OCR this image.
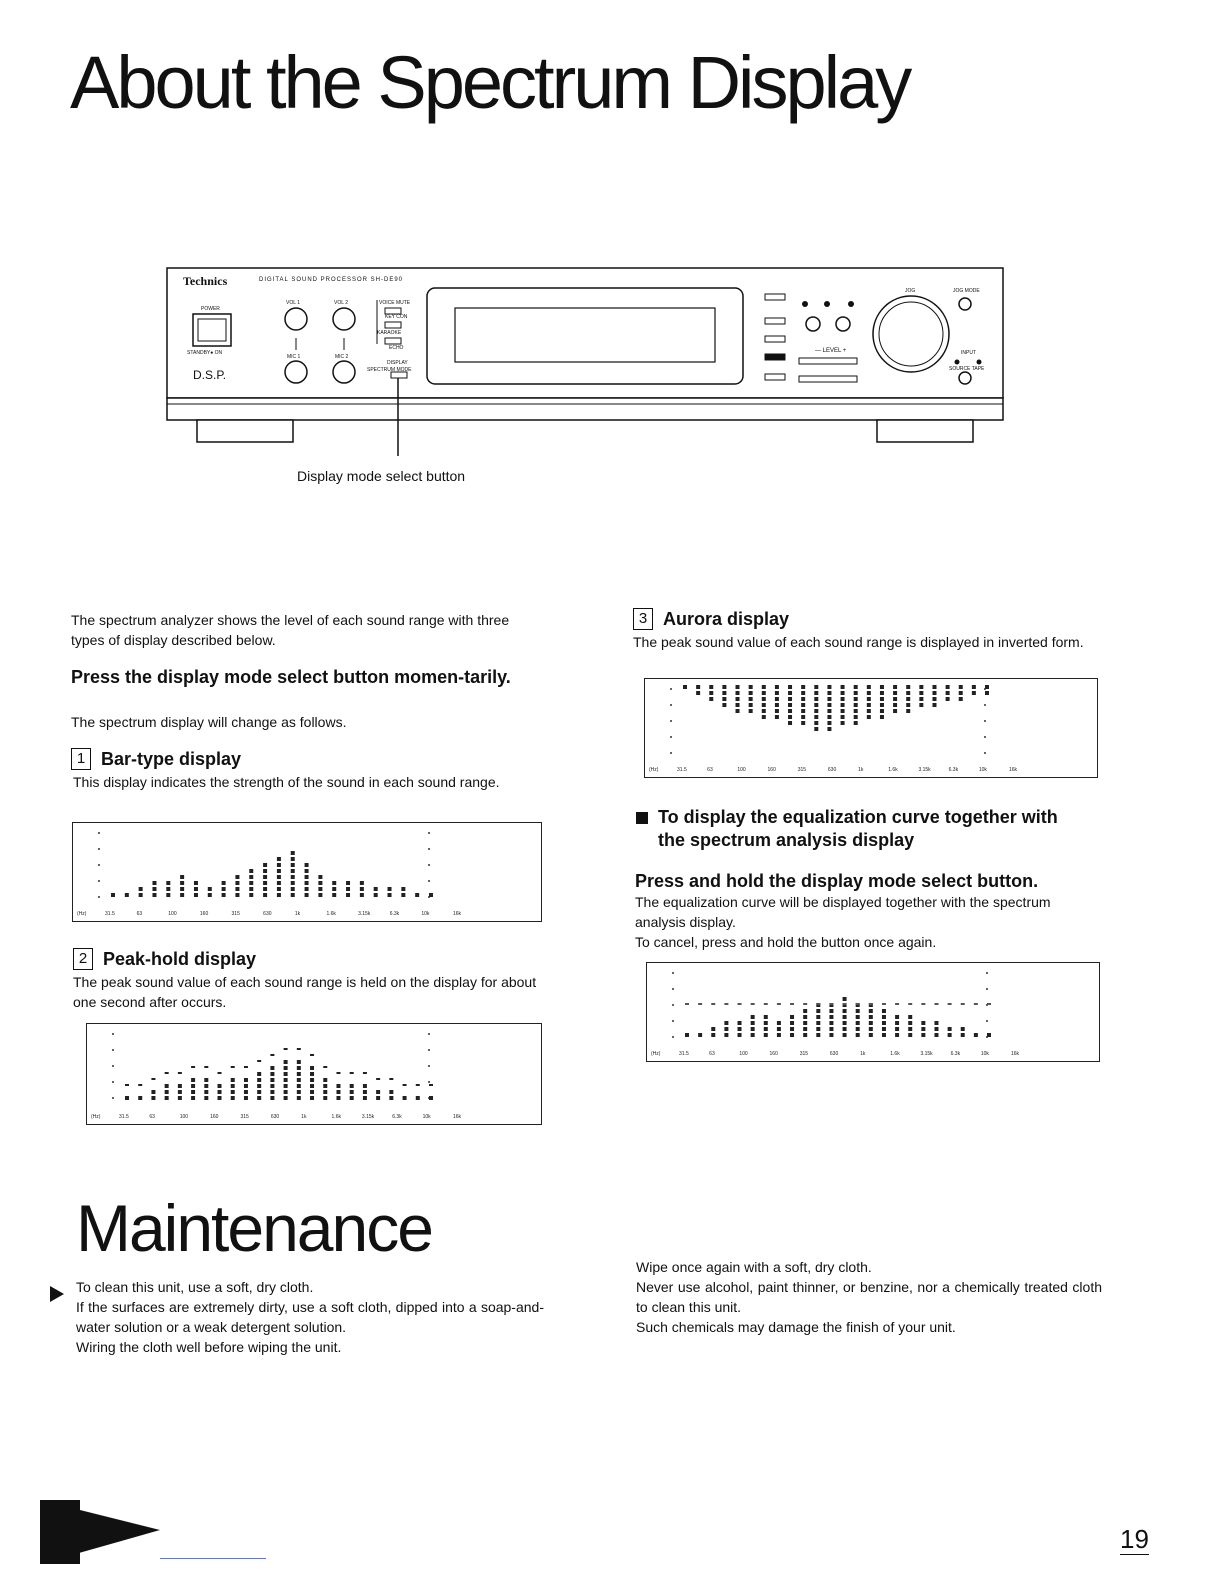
About the Spectrum Display
Technics	DIGITAL SOUND PROCESSOR SH-DE90
POWER
STANDBY● ON
D.S.P.
VOL 1	VOL 2
MIC 1	MIC 2
VOICE MUTE
KEY CON
KARAOKE
ECHO
DISPLAY
SPECTRUM MODE
JOG	JOG MODE
INPUT
SOURCE TAPE
— LEVEL +
Display mode select button
The spectrum analyzer shows the level of each sound range with three types of display described below.
Press the display mode select button momen-tarily.
The spectrum display will change as follows.
1 Bar-type display
This display indicates the strength of the sound in each sound range.
(Hz)	31.5	63	100	160	315	630	1k	1.6k	3.15k	6.3k	10k	16k
2 Peak-hold display
The peak sound value of each sound range is held on the display for about one second after occurs.
(Hz)	31.5	63	100	160	315	630	1k	1.6k	3.15k	6.3k	10k	16k
3 Aurora display
The peak sound value of each sound range is displayed in inverted form.
(Hz)	31.5	63	100	160	315	630	1k	1.6k	3.15k	6.3k	10k	16k
To display the equalization curve together with
the spectrum analysis display
Press and hold the display mode select button.
The equalization curve will be displayed together with the spectrum analysis display.
To cancel, press and hold the button once again.
(Hz)	31.5	63	100	160	315	630	1k	1.6k	3.15k	6.3k	10k	16k
Maintenance

To clean this unit, use a soft, dry cloth.

If the surfaces are extremely dirty, use a soft cloth, dipped into a soap-and-water solution or a weak detergent solution.

Wiring the cloth well before wiping the unit.

Wipe once again with a soft, dry cloth.

Never use alcohol, paint thinner, or benzine, nor a chemically treated cloth to clean this unit.

Such chemicals may damage the finish of your unit.

19
